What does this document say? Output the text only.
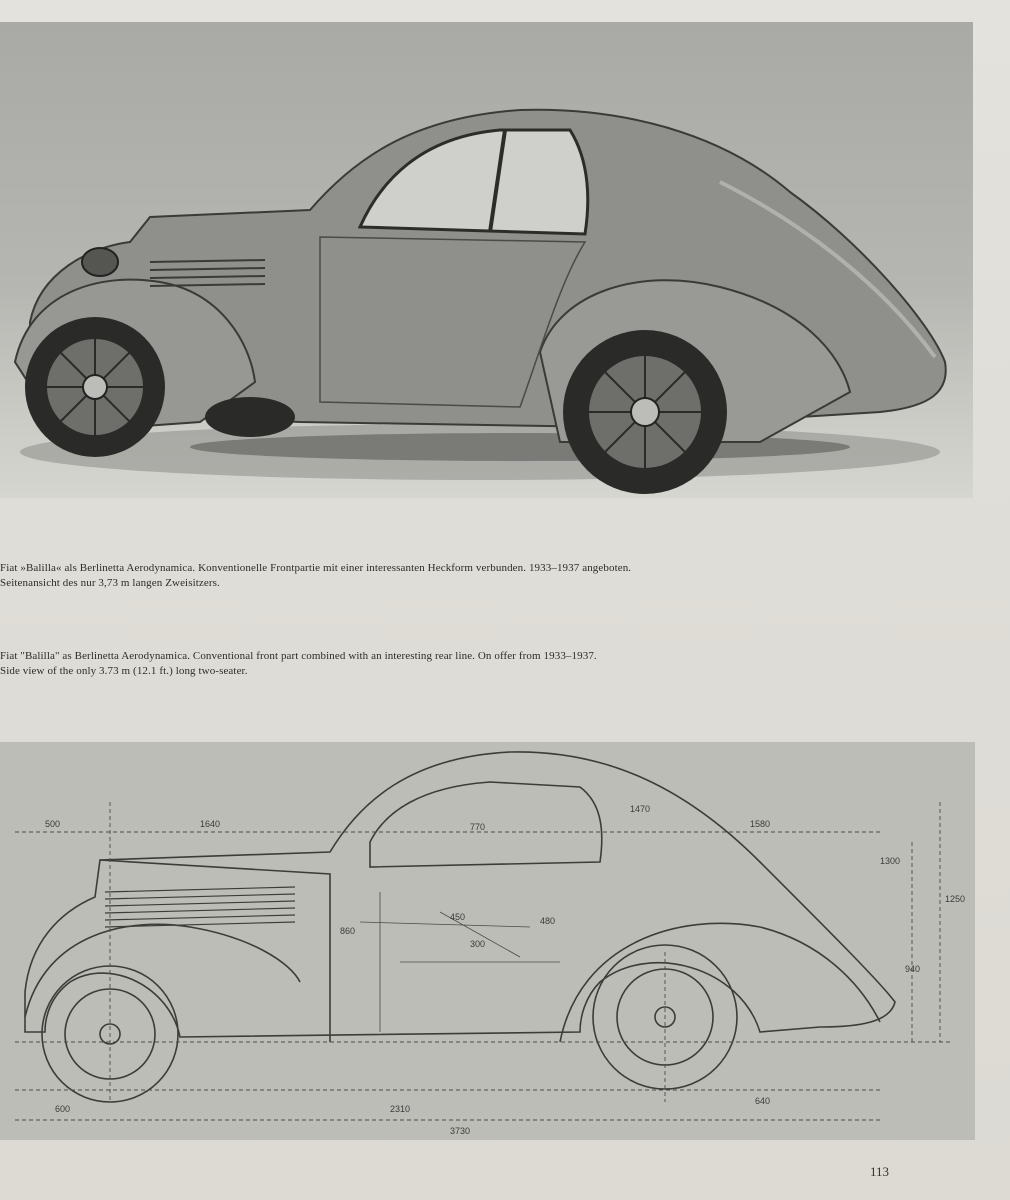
Fiat »Balilla« als Berlinetta Aerodynamica. Konventionelle Frontpartie mit einer interessanten Heckform verbunden. 1933–1937 angeboten.

Seitenansicht des nur 3,73 m langen Zweisitzers.

Fiat "Balilla" as Berlinetta Aerodynamica. Conventional front part combined with an interesting rear line. On offer from 1933–1937.

Side view of the only 3.73 m (12.1 ft.) long two-seater.

500	1640	770
1470
1580
1250
3730
2310
600
640
860
300
480
450
940
1300
113
